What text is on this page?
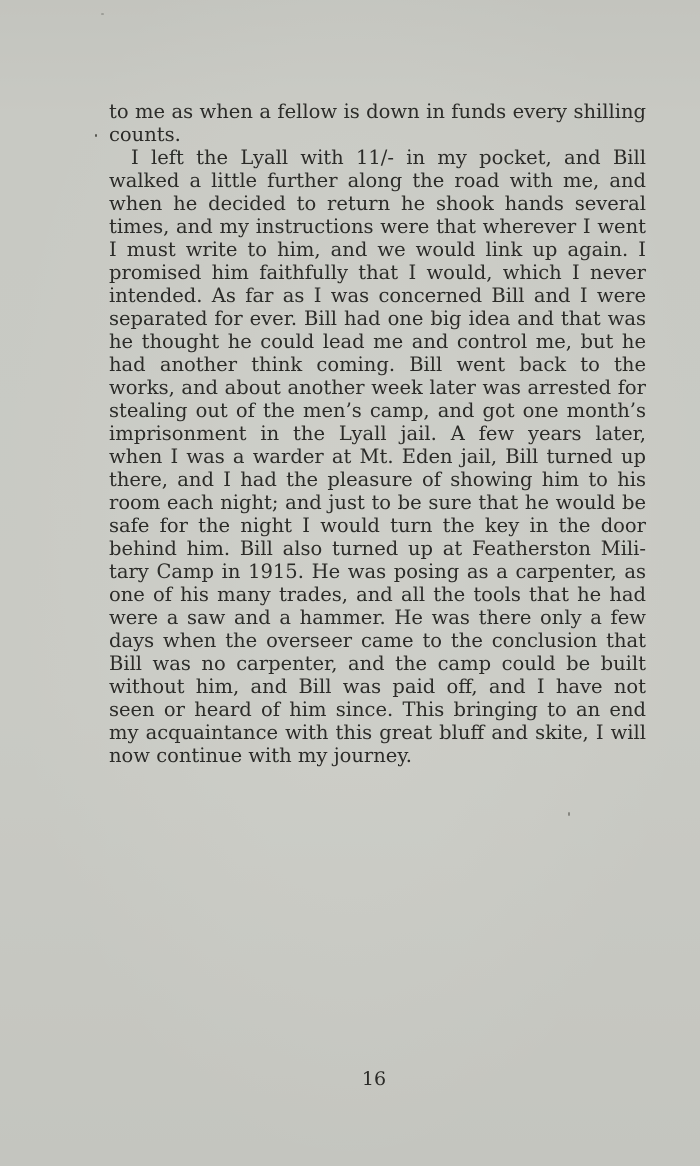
to me as when a fellow is down in funds every shilling
counts.
I left the Lyall with 11/- in my pocket, and Bill
walked a little further along the road with me, and
when he decided to return he shook hands several
times, and my instructions were that wherever I went
I must write to him, and we would link up again. I
promised him faithfully that I would, which I never
intended. As far as I was concerned Bill and I were
separated for ever. Bill had one big idea and that was
he thought he could lead me and control me, but he
had another think coming. Bill went back to the
works, and about another week later was arrested for
stealing out of the men’s camp, and got one month’s
imprisonment in the Lyall jail. A few years later,
when I was a warder at Mt. Eden jail, Bill turned up
there, and I had the pleasure of showing him to his
room each night; and just to be sure that he would be
safe for the night I would turn the key in the door
behind him. Bill also turned up at Featherston Mili-
tary Camp in 1915. He was posing as a carpenter, as
one of his many trades, and all the tools that he had
were a saw and a hammer. He was there only a few
days when the overseer came to the conclusion that
Bill was no carpenter, and the camp could be built
without him, and Bill was paid off, and I have not
seen or heard of him since. This bringing to an end
my acquaintance with this great bluff and skite, I will
now continue with my journey.
16
